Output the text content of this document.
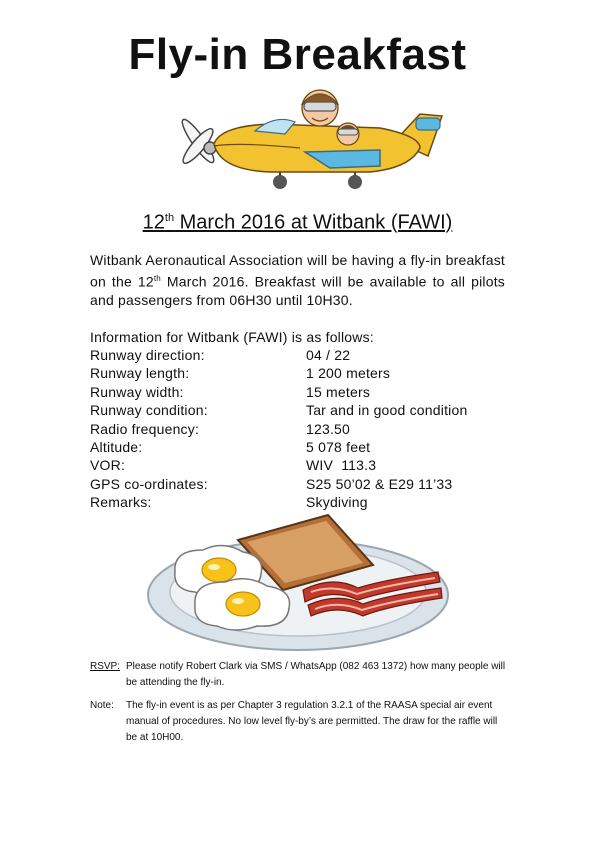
Fly-in Breakfast
12th March 2016 at Witbank (FAWI)
Witbank Aeronautical Association will be having a fly-in breakfast on the 12th March 2016. Breakfast will be available to all pilots and passengers from 06H30 until 10H30.
Information for Witbank (FAWI) is as follows:
Runway direction:	04 / 22
Runway length:	1 200 meters
Runway width:	15 meters
Runway condition:	Tar and in good condition
Radio frequency:	123.50
Altitude:	5 078 feet
VOR:	WIV  113.3
GPS co-ordinates:	S25 50’02 & E29 11’33
Remarks:	Skydiving
RSVP: Please notify Robert Clark via SMS / WhatsApp (082 463 1372) how many people will be attending the fly-in.
Note:	The fly-in event is as per Chapter 3 regulation 3.2.1 of the RAASA special air event manual of procedures. No low level fly-by’s are permitted. The draw for the raffle will be at 10H00.
